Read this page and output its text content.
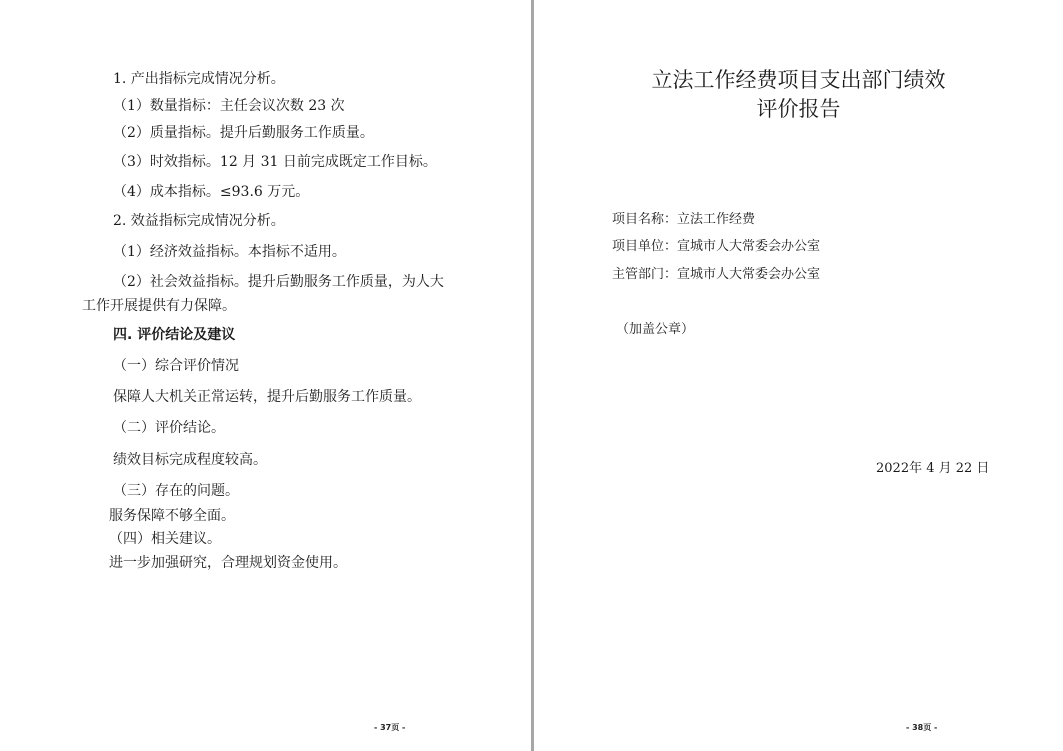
1. 产出指标完成情况分析。
（1）数量指标：主任会议次数 23 次
（2）质量指标。提升后勤服务工作质量。
（3）时效指标。12 月 31 日前完成既定工作目标。
（4）成本指标。≤93.6 万元。
2. 效益指标完成情况分析。
（1）经济效益指标。本指标不适用。
（2）社会效益指标。提升后勤服务工作质量，为人大
工作开展提供有力保障。
四. 评价结论及建议
（一）综合评价情况
保障人大机关正常运转，提升后勤服务工作质量。
（二）评价结论。
绩效目标完成程度较高。
（三）存在的问题。
服务保障不够全面。
（四）相关建议。
进一步加强研究，合理规划资金使用。
- 37页 -
立法工作经费项目支出部门绩效
评价报告
项目名称：立法工作经费
项目单位：宣城市人大常委会办公室
主管部门：宣城市人大常委会办公室
（加盖公章）
2022年 4 月 22 日
- 38页 -
